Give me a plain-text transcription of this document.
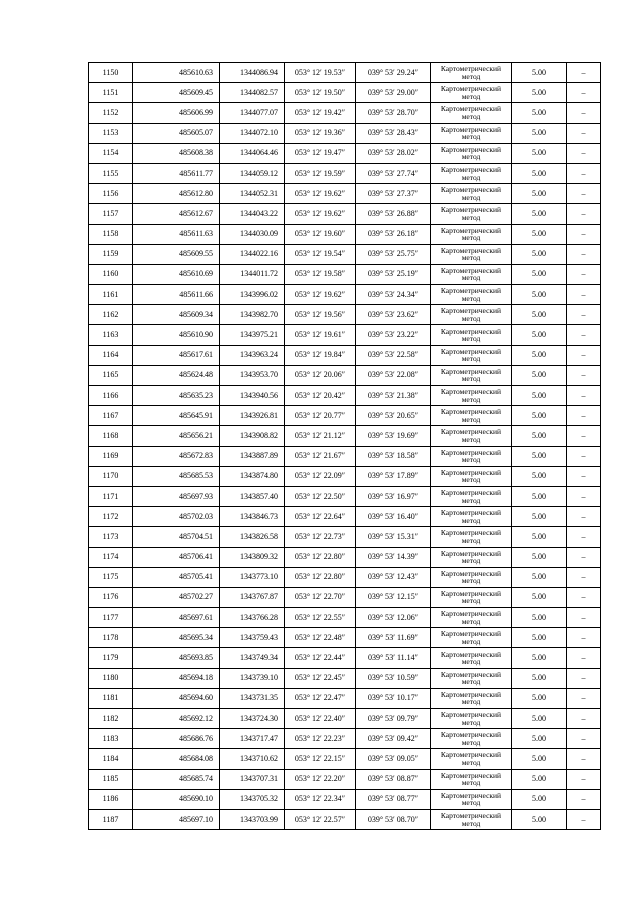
1150	485610.63	1344086.94	053° 12′ 19.53″	039° 53′ 29.24″	Картометрический метод	5.00	–
1151	485609.45	1344082.57	053° 12′ 19.50″	039° 53′ 29.00″	Картометрический метод	5.00	–
1152	485606.99	1344077.07	053° 12′ 19.42″	039° 53′ 28.70″	Картометрический метод	5.00	–
1153	485605.07	1344072.10	053° 12′ 19.36″	039° 53′ 28.43″	Картометрический метод	5.00	–
1154	485608.38	1344064.46	053° 12′ 19.47″	039° 53′ 28.02″	Картометрический метод	5.00	–
1155	485611.77	1344059.12	053° 12′ 19.59″	039° 53′ 27.74″	Картометрический метод	5.00	–
1156	485612.80	1344052.31	053° 12′ 19.62″	039° 53′ 27.37″	Картометрический метод	5.00	–
1157	485612.67	1344043.22	053° 12′ 19.62″	039° 53′ 26.88″	Картометрический метод	5.00	–
1158	485611.63	1344030.09	053° 12′ 19.60″	039° 53′ 26.18″	Картометрический метод	5.00	–
1159	485609.55	1344022.16	053° 12′ 19.54″	039° 53′ 25.75″	Картометрический метод	5.00	–
1160	485610.69	1344011.72	053° 12′ 19.58″	039° 53′ 25.19″	Картометрический метод	5.00	–
1161	485611.66	1343996.02	053° 12′ 19.62″	039° 53′ 24.34″	Картометрический метод	5.00	–
1162	485609.34	1343982.70	053° 12′ 19.56″	039° 53′ 23.62″	Картометрический метод	5.00	–
1163	485610.90	1343975.21	053° 12′ 19.61″	039° 53′ 23.22″	Картометрический метод	5.00	–
1164	485617.61	1343963.24	053° 12′ 19.84″	039° 53′ 22.58″	Картометрический метод	5.00	–
1165	485624.48	1343953.70	053° 12′ 20.06″	039° 53′ 22.08″	Картометрический метод	5.00	–
1166	485635.23	1343940.56	053° 12′ 20.42″	039° 53′ 21.38″	Картометрический метод	5.00	–
1167	485645.91	1343926.81	053° 12′ 20.77″	039° 53′ 20.65″	Картометрический метод	5.00	–
1168	485656.21	1343908.82	053° 12′ 21.12″	039° 53′ 19.69″	Картометрический метод	5.00	–
1169	485672.83	1343887.89	053° 12′ 21.67″	039° 53′ 18.58″	Картометрический метод	5.00	–
1170	485685.53	1343874.80	053° 12′ 22.09″	039° 53′ 17.89″	Картометрический метод	5.00	–
1171	485697.93	1343857.40	053° 12′ 22.50″	039° 53′ 16.97″	Картометрический метод	5.00	–
1172	485702.03	1343846.73	053° 12′ 22.64″	039° 53′ 16.40″	Картометрический метод	5.00	–
1173	485704.51	1343826.58	053° 12′ 22.73″	039° 53′ 15.31″	Картометрический метод	5.00	–
1174	485706.41	1343809.32	053° 12′ 22.80″	039° 53′ 14.39″	Картометрический метод	5.00	–
1175	485705.41	1343773.10	053° 12′ 22.80″	039° 53′ 12.43″	Картометрический метод	5.00	–
1176	485702.27	1343767.87	053° 12′ 22.70″	039° 53′ 12.15″	Картометрический метод	5.00	–
1177	485697.61	1343766.28	053° 12′ 22.55″	039° 53′ 12.06″	Картометрический метод	5.00	–
1178	485695.34	1343759.43	053° 12′ 22.48″	039° 53′ 11.69″	Картометрический метод	5.00	–
1179	485693.85	1343749.34	053° 12′ 22.44″	039° 53′ 11.14″	Картометрический метод	5.00	–
1180	485694.18	1343739.10	053° 12′ 22.45″	039° 53′ 10.59″	Картометрический метод	5.00	–
1181	485694.60	1343731.35	053° 12′ 22.47″	039° 53′ 10.17″	Картометрический метод	5.00	–
1182	485692.12	1343724.30	053° 12′ 22.40″	039° 53′ 09.79″	Картометрический метод	5.00	–
1183	485686.76	1343717.47	053° 12′ 22.23″	039° 53′ 09.42″	Картометрический метод	5.00	–
1184	485684.08	1343710.62	053° 12′ 22.15″	039° 53′ 09.05″	Картометрический метод	5.00	–
1185	485685.74	1343707.31	053° 12′ 22.20″	039° 53′ 08.87″	Картометрический метод	5.00	–
1186	485690.10	1343705.32	053° 12′ 22.34″	039° 53′ 08.77″	Картометрический метод	5.00	–
1187	485697.10	1343703.99	053° 12′ 22.57″	039° 53′ 08.70″	Картометрический метод	5.00	–
